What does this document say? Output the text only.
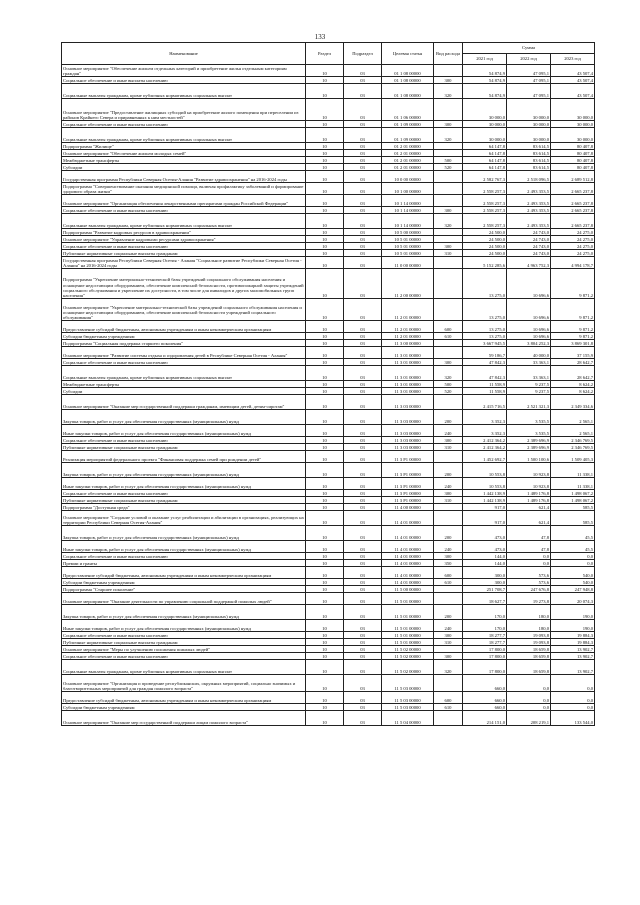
133
Наименование	Раздел	Подраздел	Целевая статья	Вид расхода	Сумма		
					2021 год	2022 год	2023 год
Основное мероприятие "Обеспечение жильем отдельных категорий и приобретение жилья отдельным категориям граждан"	10	03	01 1 08 00000		54 874,9	47 095,1	43 507,4
Социальное обеспечение и иные выплаты населению	10	03	01 1 08 00000	300	54 874,9	47 095,1	43 507,4
Социальные выплаты гражданам, кроме публичных нормативных социальных выплат	10	03	01 1 08 00000	320	54 874,9	47 095,1	43 507,4
Основное мероприятие "Предоставление жилищных субсидий на приобретение жилого помещения при переселении из районов Крайнего Севера и приравненных к ним местностей"	10	03	01 1 06 00000		30 000,0	30 000,0	30 000,0
Социальное обеспечение и иные выплаты населению	10	03	01 1 09 00000	300	30 000,0	30 000,0	30 000,0
Социальные выплаты гражданам, кроме публичных нормативных социальных выплат	10	03	01 1 09 00000	320	30 000,0	30 000,0	30 000,0
Подпрограмма "Жилище"	10	03	01 2 01 00000		64 147,8	83 614,5	80 407,8
Основное мероприятие "Обеспечение жильем молодых семей"	10	03	01 2 01 00000		64 147,8	83 614,5	80 407,8
Межбюджетные трансферты	10	03	01 2 01 00000	500	64 147,8	83 614,5	80 407,8
Субсидии	10	03	01 2 01 00000	520	64 147,8	83 614,5	80 407,8
Государственная программа Республики Северная Осетия-Алания "Развитие здравоохранения" на 2016-2024 годы	10	03	10 0 00 00000		2 582 767,3	2 518 096,5	2 689 512,8
Подпрограмма "Совершенствование оказания медицинской помощи, включая профилактику заболеваний и формирование здорового образа жизни"	10	03	10 1 00 00000		2 558 257,3	2 493 353,5	2 665 237,8
Основное мероприятие "Организация обеспечения лекарственными препаратами граждан Российской Федерации"	10	03	10 1 14 00000		2 558 257,3	2 493 353,5	2 665 237,8
Социальное обеспечение и иные выплаты населению	10	03	10 1 14 00000	300	2 558 257,3	2 493 353,5	2 665 237,8
Социальные выплаты гражданам, кроме публичных нормативных социальных выплат	10	03	10 1 14 00000	320	2 558 257,3	2 493 353,5	2 665 237,8
Подпрограмма "Развитие кадровых ресурсов в здравоохранении"	10	03	10 5 00 00000		24 500,0	24 743,0	24 275,0
Основное мероприятие "Управление кадровыми ресурсами здравоохранения"	10	03	10 5 01 00000		24 500,0	24 743,0	24 275,0
Социальное обеспечение и иные выплаты населению	10	03	10 5 01 00000	300	24 500,0	24 743,0	24 275,0
Публичные нормативные социальные выплаты гражданам	10	03	10 5 01 00000	310	24 500,0	24 743,0	24 275,0
Государственная программа Республики Северная Осетия - Алания "Социальное развитие Республики Северная Осетия - Алания" на 2016-2024 годы	10	03	11 0 00 00000		5 152 285,6	4 963 752,3	4 994 178,7
Подпрограмма "Укрепление материально-технической базы учреждений социального обслуживания населения и оснащение недостающим оборудованием, обеспечение комплексной безопасности, противопожарной защиты учреждений социального обслуживания и укрепление их доступности, в том числе для инвалидов и других маломобильных групп населения"	10	03	11 2 00 00000		13 275,0	10 696,6	9 871,2
Основное мероприятие "Укрепление материально-технической базы учреждений социального обслуживания населения и оснащение недостающим оборудованием, обеспечение комплексной безопасности учреждений социального обслуживания"	10	03	11 2 01 00000		13 275,0	10 696,6	9 871,2
Предоставление субсидий бюджетным, автономным учреждениям и иным некоммерческим организациям	10	03	11 2 01 00000	600	13 275,0	10 696,6	9 871,2
Субсидии бюджетным учреждениям	10	03	11 2 01 00000	610	13 275,0	10 696,6	9 871,2
Подпрограмма "Социальная поддержка старшего поколения"	10	03	11 3 00 00000		3 667 945,5	3 804 252,3	3 869 301,8
Основное мероприятие "Развитие системы отдыха и оздоровления детей в Республике Северная Осетия - Алания"	10	03	11 3 01 00000		59 186,7	40 000,0	37 155,9
Социальное обеспечение и иные выплаты населению	10	03	11 3 01 00000	300	47 842,3	33 363,1	28 642,7
Социальные выплаты гражданам, кроме публичных нормативных социальных выплат	10	03	11 3 01 00000	320	47 842,3	33 363,1	28 642,7
Межбюджетные трансферты	10	03	11 3 01 00000	500	11 558,9	9 237,5	8 624,2
Субсидии	10	03	11 3 01 00000	520	11 558,9	9 237,5	8 624,2
Основное мероприятие "Оказание мер государственной поддержки гражданам, имеющим детей, детям-сиротам"	10	03	11 3 03 00000		2 415 716,5	2 521 321,3	2 349 334,6
Закупка товаров, работ и услуг для обеспечения государственных (муниципальных) нужд	10	03	11 3 03 00000	200	3 352,3	3 535,5	2 565,1
Иные закупки товаров, работ и услуг для обеспечения государственных (муниципальных) нужд	10	03	11 3 03 00000	240	3 352,3	3 535,5	2 565,1
Социальное обеспечение и иные выплаты населению	10	03	11 3 03 00000	300	2 412 364,2	2 389 696,9	2 346 769,5
Публичные нормативные социальные выплаты гражданам	10	03	11 3 03 00000	310	2 412 364,2	2 389 696,9	2 346 769,5
Реализация мероприятий федерального проекта "Финансовая поддержка семей при рождении детей"	10	03	11 3 P1 00000		1 452 692,7	1 500 100,6	1 509 405,3
Закупка товаров, работ и услуг для обеспечения государственных (муниципальных) нужд	10	03	11 3 P1 00000	200	10 553,8	10 923,8	11 338,1
Иные закупки товаров, работ и услуг для обеспечения государственных (муниципальных) нужд	10	03	11 3 P1 00000	240	10 553,8	10 923,8	11 338,1
Социальное обеспечение и иные выплаты населению	10	03	11 3 P1 00000	300	1 442 138,9	1 489 176,8	1 498 067,2
Публичные нормативные социальные выплаты гражданам	10	03	11 3 P1 00000	310	1 442 138,9	1 489 176,8	1 498 067,2
Подпрограмма "Доступная среда"	10	03	11 4 00 00000		917,0	621,4	585,5
Основное мероприятие "Создание условий и оказание услуг реабилитации и абилитации в организациях, реализующих на территории Республики Северная Осетия-Алания"	10	03	11 4 01 00000		917,0	621,4	585,5
Закупка товаров, работ и услуг для обеспечения государственных (муниципальных) нужд	10	03	11 4 01 00000	200	473,0	47,8	45,5
Иные закупки товаров, работ и услуг для обеспечения государственных (муниципальных) нужд	10	03	11 4 01 00000	240	473,0	47,8	45,5
Социальное обеспечение и иные выплаты населению	10	03	11 4 01 00000	300	144,0	0,0	0,0
Премии и гранты	10	03	11 4 01 00000	350	144,0	0,0	0,0
Предоставление субсидий бюджетным, автономным учреждениям и иным некоммерческим организациям	10	03	11 4 01 00000	600	300,0	573,6	540,0
Субсидии бюджетным учреждениям	10	03	11 4 01 00000	610	300,0	573,6	540,0
Подпрограмма "Старшее поколение"	10	03	11 5 00 00000		251 708,7	247 676,8	247 948,8
Основное мероприятие "Оказание деятельности по управлению социальной поддержкой пожилых людей"	10	03	11 5 01 00000		18 627,7	19 273,8	20 074,3
Закупка товаров, работ и услуг для обеспечения государственных (муниципальных) нужд	10	03	11 5 01 00000	200	170,0	180,0	190,0
Иные закупки товаров, работ и услуг для обеспечения государственных (муниципальных) нужд	10	03	11 5 01 00000	240	170,0	180,0	190,0
Социальное обеспечение и иные выплаты населению	10	03	11 5 01 00000	300	18 277,7	19 093,8	19 884,3
Публичные нормативные социальные выплаты гражданам	10	03	11 5 01 00000	310	18 277,7	19 093,8	19 884,3
Основное мероприятие "Меры по улучшению положения пожилых людей"	10	03	11 5 02 00000		17 800,0	18 659,8	13 902,7
Социальное обеспечение и иные выплаты населению	10	03	11 5 02 00000	300	17 800,0	18 659,8	13 902,7
Социальные выплаты гражданам, кроме публичных нормативных социальных выплат	10	03	11 5 02 00000	320	17 800,0	18 659,8	13 902,7
Основное мероприятие "Организация и проведение республиканских, окружных мероприятий, социально значимых и благотворительных мероприятий для граждан пожилого возраста"	10	03	11 5 03 00000		660,0	0,0	0,0
Предоставление субсидий бюджетным, автономным учреждениям и иным некоммерческим организациям	10	03	11 5 03 00000	600	660,0	0,0	0,0
Субсидии бюджетным учреждениям	10	03	11 5 03 00000	610	660,0	0,0	0,0
Основное мероприятие "Оказание мер государственной поддержки лицам пожилого возраста"	10	03	11 5 04 00000		214 151,0	208 219,1	133 544,0
